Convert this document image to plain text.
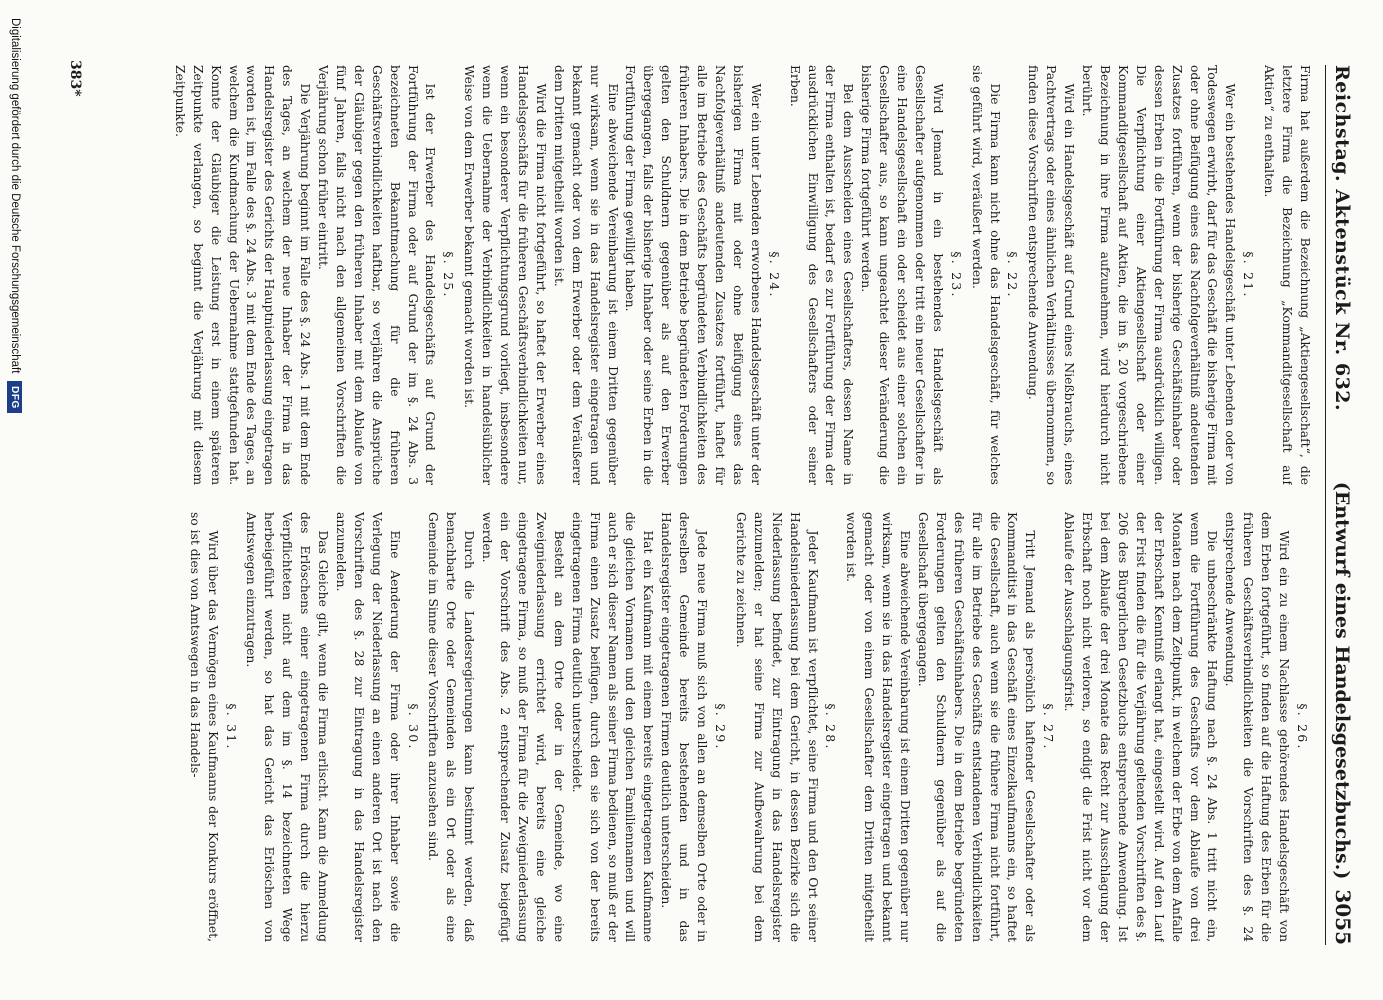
Reichstag. Aktenstück Nr. 632.
(Entwurf eines Handelsgesetzbuchs.)3055

Firma hat außerdem die Bezeichnung „Aktiengesellschaft“, die letztere Firma die Bezeichnung „Kommanditgesellschaft auf Aktien“ zu enthalten.

§. 21.

Wer ein bestehendes Handelsgeschäft unter Lebenden oder von Todeswegen erwirbt, darf für das Geschäft die bisherige Firma mit oder ohne Beifügung eines das Nachfolgeverhältniß andeutenden Zusatzes fortführen, wenn der bisherige Geschäftsinhaber oder dessen Erben in die Fortführung der Firma ausdrücklich willigen. Die Verpflichtung einer Aktiengesellschaft oder einer Kommanditgesellschaft auf Aktien, die im §. 20 vorgeschriebene Bezeichnung in ihre Firma aufzunehmen, wird hierdurch nicht berührt.

Wird ein Handelsgeschäft auf Grund eines Nießbrauchs, eines Pachtvertrags oder eines ähnlichen Verhältnisses übernommen, so finden diese Vorschriften entsprechende Anwendung.

§. 22.

Die Firma kann nicht ohne das Handelsgeschäft, für welches sie geführt wird, veräußert werden.

§. 23.

Wird Jemand in ein bestehendes Handelsgeschäft als Gesellschafter aufgenommen oder tritt ein neuer Gesellschafter in eine Handelsgesellschaft ein oder scheidet aus einer solchen ein Gesellschafter aus, so kann ungeachtet dieser Veränderung die bisherige Firma fortgeführt werden.

Bei dem Ausscheiden eines Gesellschafters, dessen Name in der Firma enthalten ist, bedarf es zur Fortführung der Firma der ausdrücklichen Einwilligung des Gesellschafters oder seiner Erben.

§. 24.

Wer ein unter Lebenden erworbenes Handelsgeschäft unter der bisherigen Firma mit oder ohne Beifügung eines das Nachfolgeverhältniß andeutenden Zusatzes fortführt, haftet für alle im Betriebe des Geschäfts begründeten Verbindlichkeiten des früheren Inhabers. Die in dem Betriebe begründeten Forderungen gelten den Schuldnern gegenüber als auf den Erwerber übergegangen, falls der bisherige Inhaber oder seine Erben in die Fortführung der Firma gewilligt haben.

Eine abweichende Vereinbarung ist einem Dritten gegenüber nur wirksam, wenn sie in das Handelsregister eingetragen und bekannt gemacht oder von dem Erwerber oder dem Veräußerer dem Dritten mitgetheilt worden ist.

Wird die Firma nicht fortgeführt, so haftet der Erwerber eines Handelsgeschäfts für die früheren Geschäftsverbindlichkeiten nur, wenn ein besonderer Verpflichtungsgrund vorliegt, insbesondere wenn die Uebernahme der Verbindlichkeiten in handelsüblicher Weise von dem Erwerber bekannt gemacht worden ist.

§. 25.

Ist der Erwerber des Handelsgeschäfts auf Grund der Fortführung der Firma oder auf Grund der im §. 24 Abs. 3 bezeichneten Bekanntmachung für die früheren Geschäftsverbindlichkeiten haftbar, so verjähren die Ansprüche der Gläubiger gegen den früheren Inhaber mit dem Ablaufe von fünf Jahren, falls nicht nach den allgemeinen Vorschriften die Verjährung schon früher eintritt.

Die Verjährung beginnt im Falle des §. 24 Abs. 1 mit dem Ende des Tages, an welchem der neue Inhaber der Firma in das Handelsregister des Gerichts der Hauptniederlassung eingetragen worden ist, im Falle des §. 24 Abs. 3 mit dem Ende des Tages, an welchem die Kundmachung der Uebernahme stattgefunden hat. Konnte der Gläubiger die Leistung erst in einem späteren Zeitpunkte verlangen, so beginnt die Verjährung mit diesem Zeitpunkte.

§. 26.

Wird ein zu einem Nachlasse gehörendes Handelsgeschäft von dem Erben fortgeführt, so finden auf die Haftung des Erben für die früheren Geschäftsverbindlichkeiten die Vorschriften des §. 24 entsprechende Anwendung.

Die unbeschränkte Haftung nach §. 24 Abs. 1 tritt nicht ein, wenn die Fortführung des Geschäfts vor dem Ablaufe von drei Monaten nach dem Zeitpunkt, in welchem der Erbe von dem Anfalle der Erbschaft Kenntniß erlangt hat, eingestellt wird. Auf den Lauf der Frist finden die für die Verjährung geltenden Vorschriften des §. 206 des Bürgerlichen Gesetzbuchs entsprechende Anwendung. Ist bei dem Ablaufe der drei Monate das Recht zur Ausschlagung der Erbschaft noch nicht verloren, so endigt die Frist nicht vor dem Ablaufe der Ausschlagungsfrist.

§. 27.

Tritt Jemand als persönlich haftender Gesellschafter oder als Kommanditist in das Geschäft eines Einzelkaufmanns ein, so haftet die Gesellschaft, auch wenn sie die frühere Firma nicht fortführt, für alle im Betriebe des Geschäfts entstandenen Verbindlichkeiten des früheren Geschäftsinhabers. Die in dem Betriebe begründeten Forderungen gelten den Schuldnern gegenüber als auf die Gesellschaft übergegangen.

Eine abweichende Vereinbarung ist einem Dritten gegenüber nur wirksam, wenn sie in das Handelsregister eingetragen und bekannt gemacht oder von einem Gesellschafter dem Dritten mitgetheilt worden ist.

§. 28.

Jeder Kaufmann ist verpflichtet, seine Firma und den Ort seiner Handelsniederlassung bei dem Gericht, in dessen Bezirke sich die Niederlassung befindet, zur Eintragung in das Handelsregister anzumelden; er hat seine Firma zur Aufbewahrung bei dem Gerichte zu zeichnen.

§. 29.

Jede neue Firma muß sich von allen an demselben Orte oder in derselben Gemeinde bereits bestehenden und in das Handelsregister eingetragenen Firmen deutlich unterscheiden.

Hat ein Kaufmann mit einem bereits eingetragenen Kaufmanne die gleichen Vornamen und den gleichen Familiennamen und will auch er sich dieser Namen als seiner Firma bedienen, so muß er der Firma einen Zusatz beifügen, durch den sie sich von der bereits eingetragenen Firma deutlich unterscheidet.

Besteht an dem Orte oder in der Gemeinde, wo eine Zweigniederlassung errichtet wird, bereits eine gleiche eingetragene Firma, so muß der Firma für die Zweigniederlassung ein der Vorschrift des Abs. 2 entsprechender Zusatz beigefügt werden.

Durch die Landesregierungen kann bestimmt werden, daß benachbarte Orte oder Gemeinden als ein Ort oder als eine Gemeinde im Sinne dieser Vorschriften anzusehen sind.

§. 30.

Eine Aenderung der Firma oder ihrer Inhaber sowie die Verlegung der Niederlassung an einen anderen Ort ist nach den Vorschriften des §. 28 zur Eintragung in das Handelsregister anzumelden.

Das Gleiche gilt, wenn die Firma erlischt. Kann die Anmeldung des Erlöschens einer eingetragenen Firma durch die hierzu Verpflichteten nicht auf dem im §. 14 bezeichneten Wege herbeigeführt werden, so hat das Gericht das Erlöschen von Amtswegen einzutragen.

§. 31.

Wird über das Vermögen eines Kaufmanns der Konkurs eröffnet, so ist dies von Amtswegen in das Handels-

383*
Digitalisierung gefördert durch die Deutsche Forschungsgemeinschaft
DFG
